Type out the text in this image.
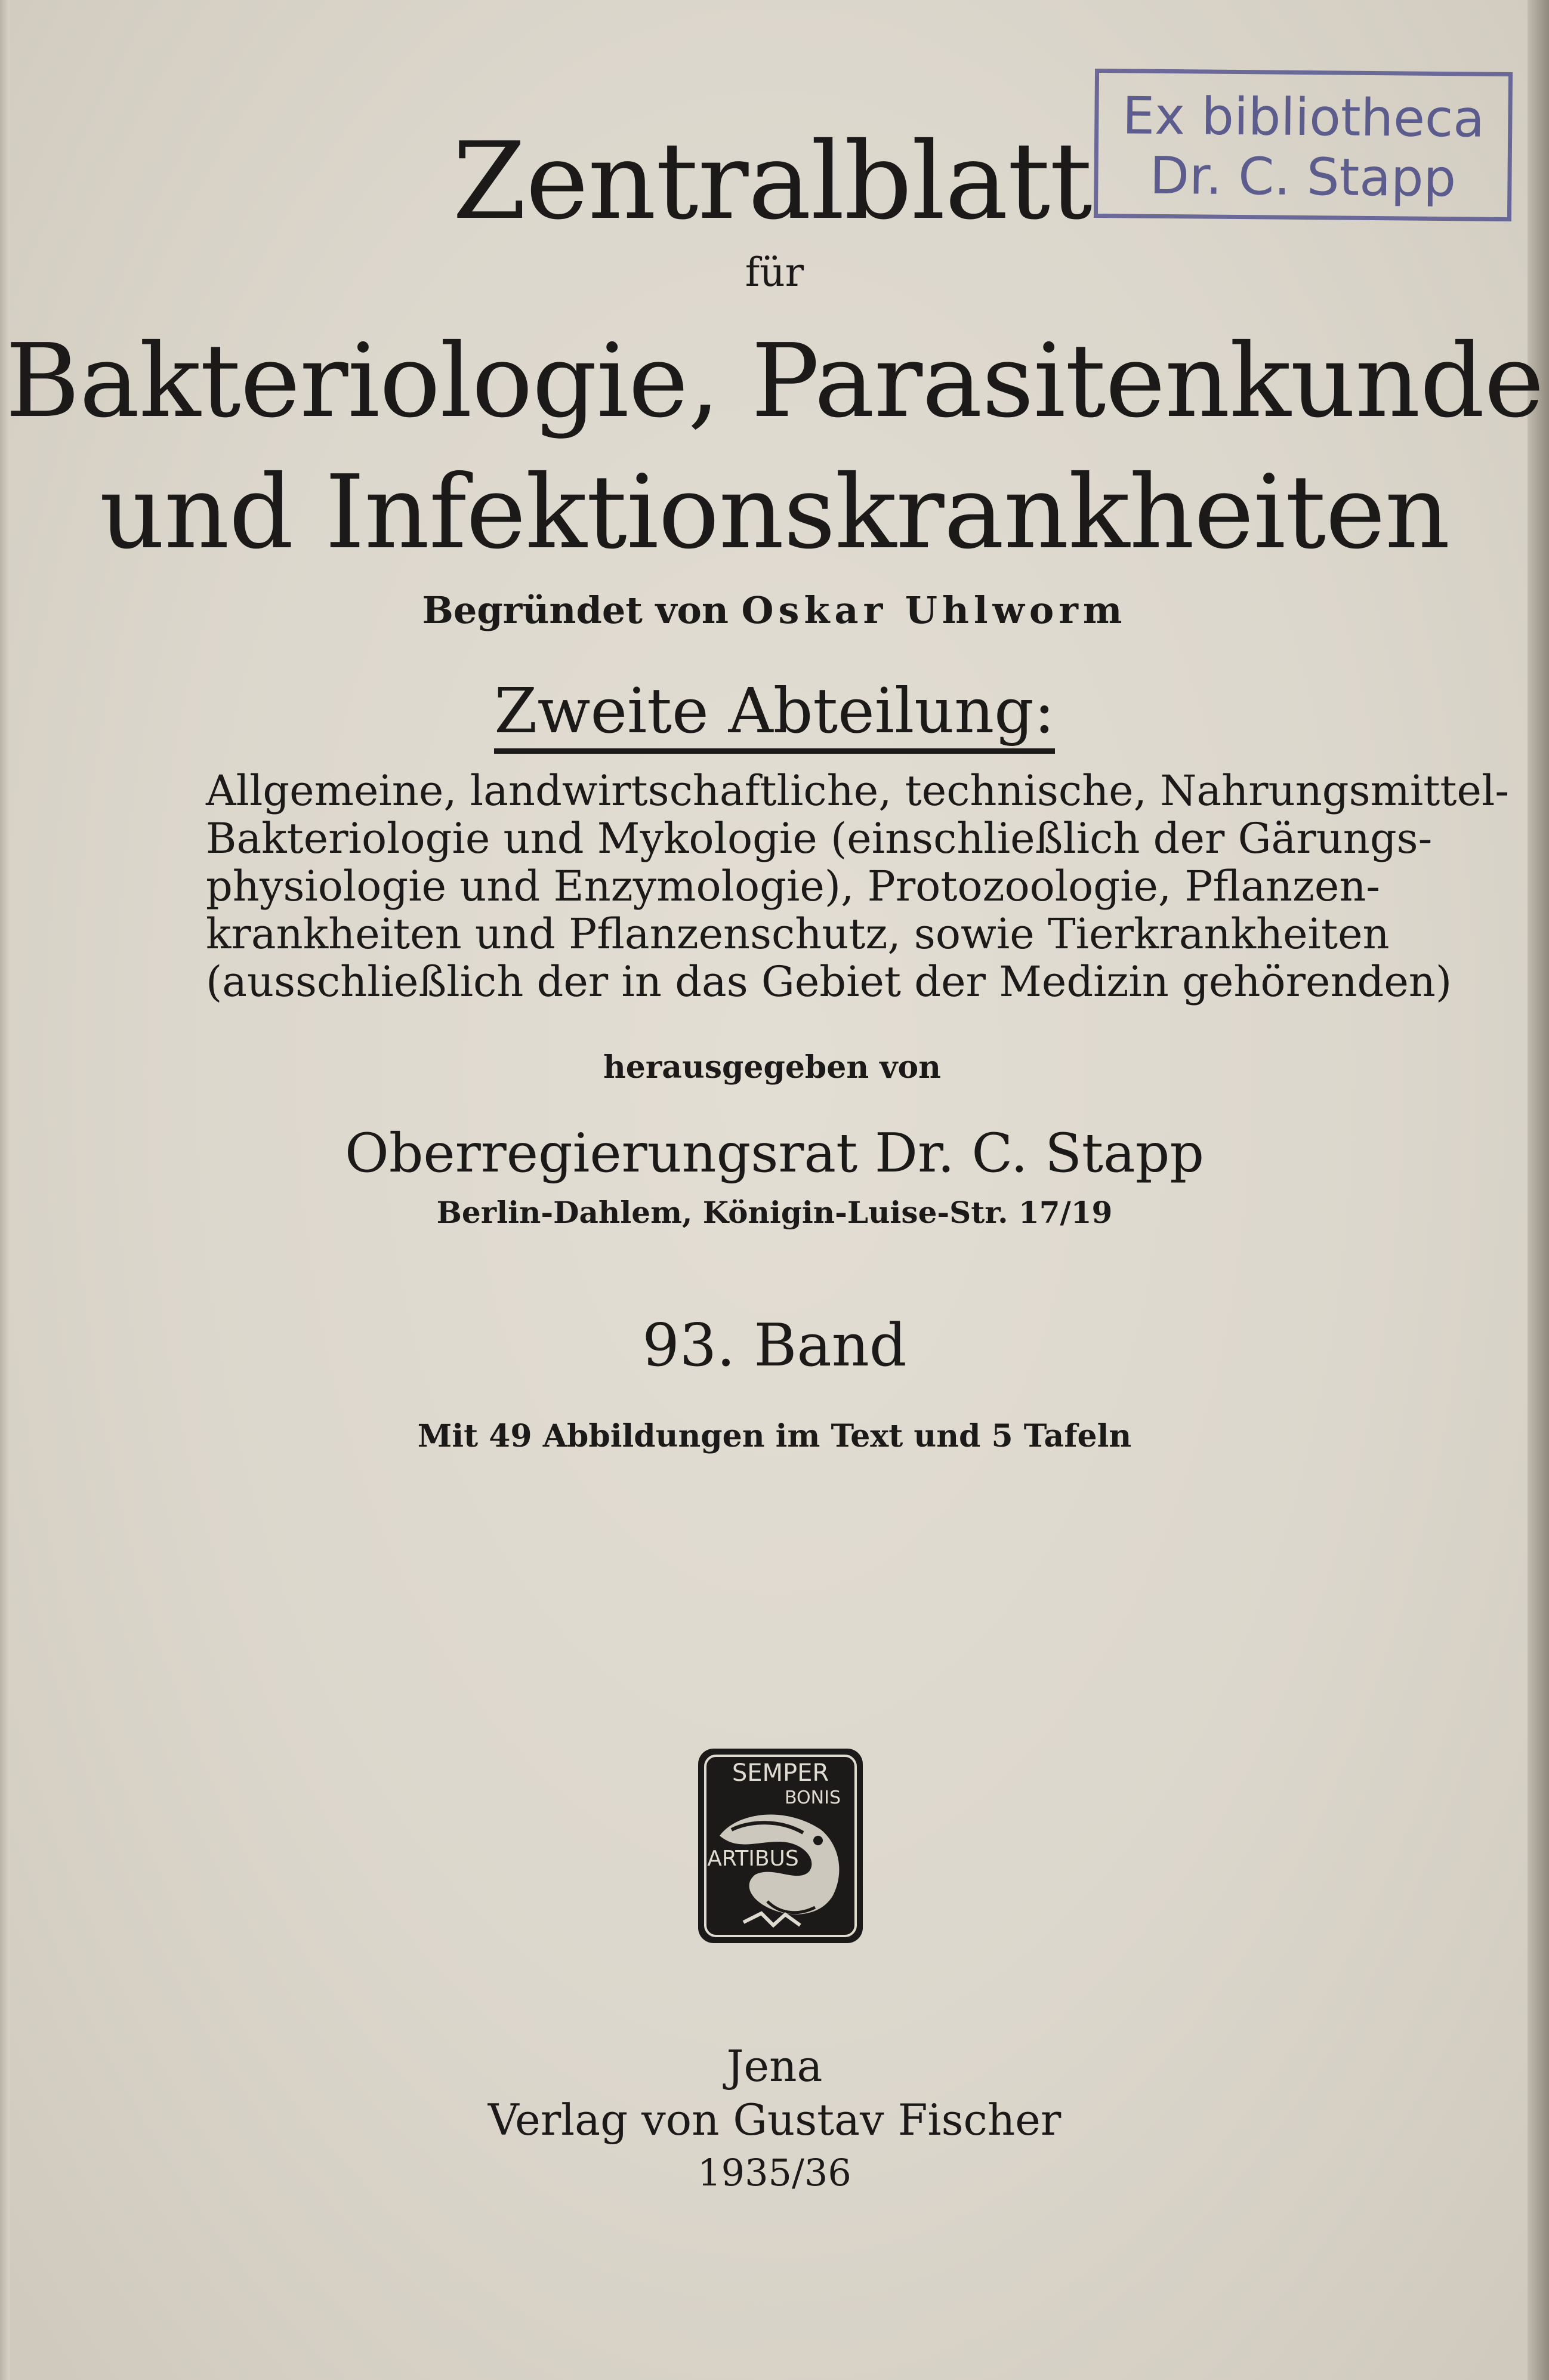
Ex bibliotheca
Dr. C. Stapp
Zentralblatt
für
Bakteriologie, Parasitenkunde
und Infektionskrankheiten
Begründet von Oskar Uhlworm
Zweite Abteilung:
Allgemeine, landwirtschaftliche, technische, Nahrungsmittel-
Bakteriologie und Mykologie (einschließlich der Gärungs-
physiologie und Enzymologie), Protozoologie, Pflanzen-
krankheiten und Pflanzenschutz, sowie Tierkrankheiten
(ausschließlich der in das Gebiet der Medizin gehörenden)
herausgegeben von
Oberregierungsrat Dr. C. Stapp
Berlin-Dahlem, Königin-Luise-Str. 17/19
93. Band
Mit 49 Abbildungen im Text und 5 Tafeln
SEMPER
BONIS
ARTIBUS
Jena
Verlag von Gustav Fischer
1935/36
